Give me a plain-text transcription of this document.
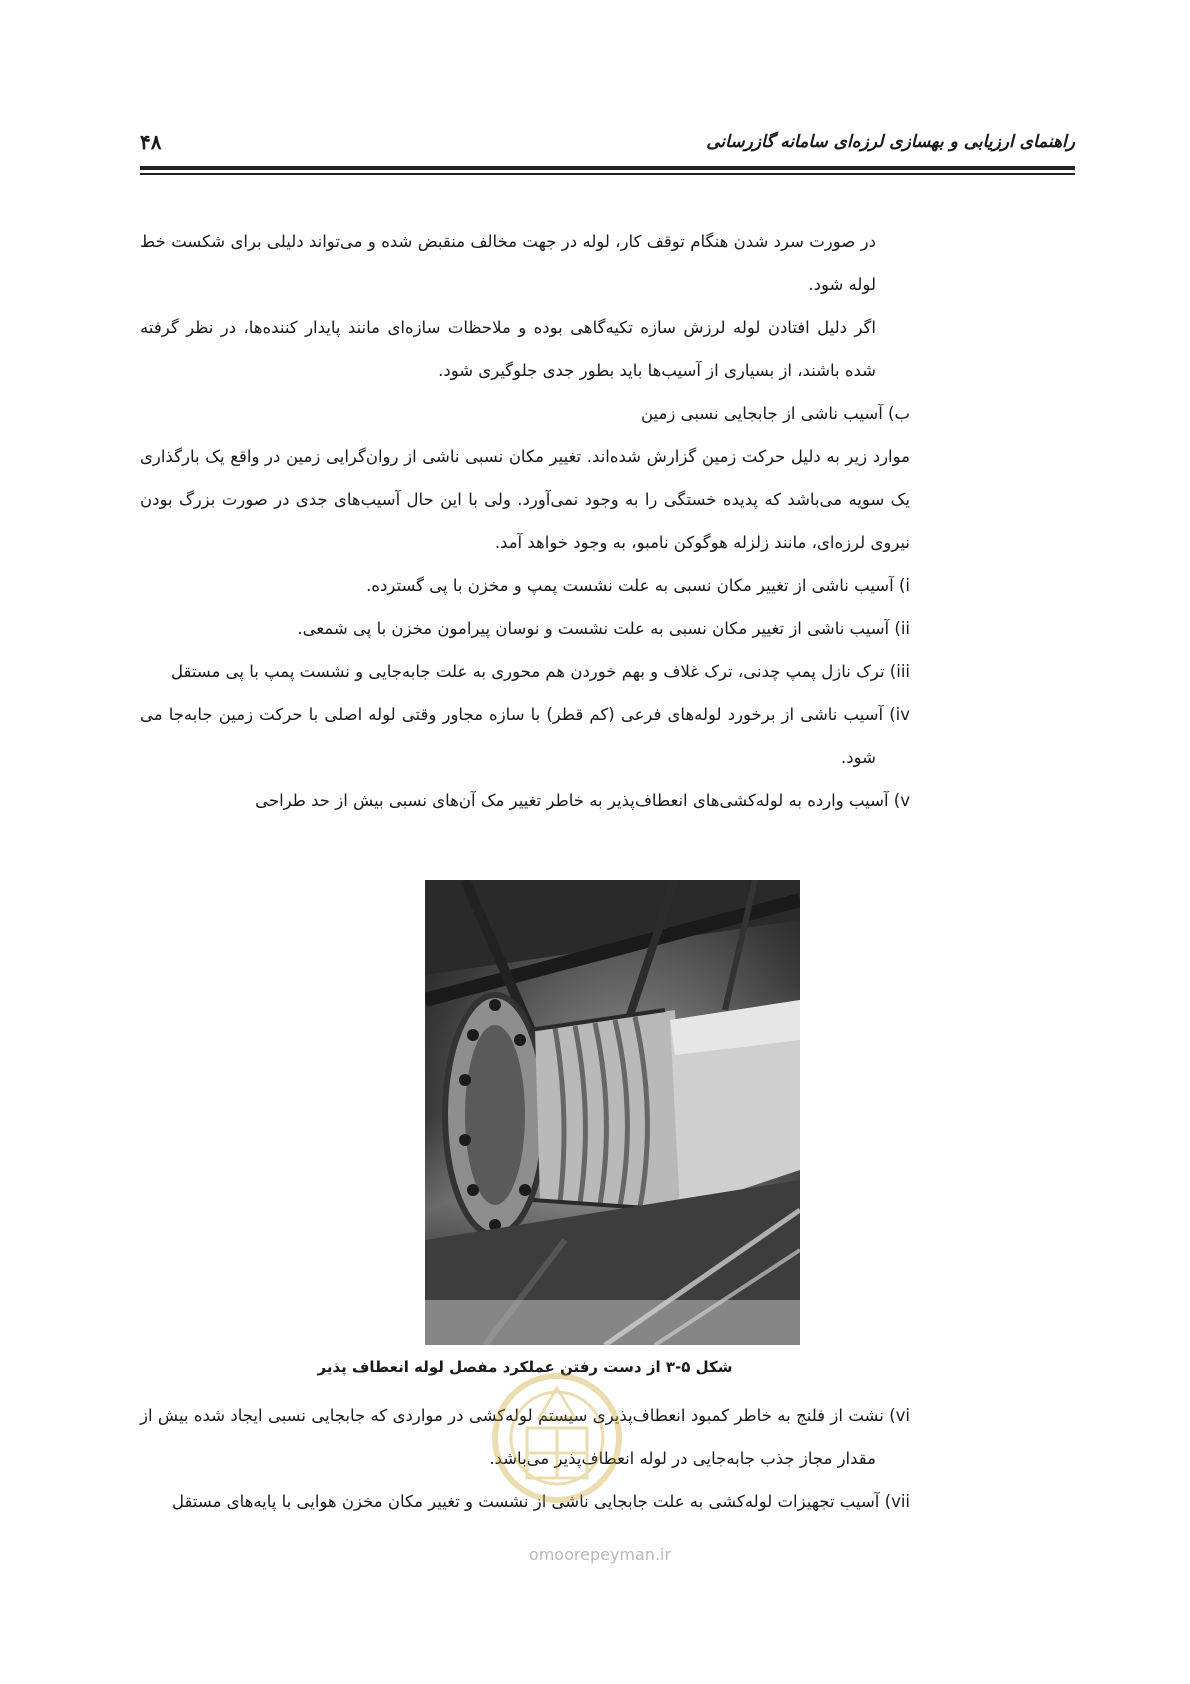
۴۸	راهنمای ارزیابی و بهسازی لرزه‌ای سامانه گازرسانی

در صورت سرد شدن هنگام توقف کار، لوله در جهت مخالف منقبض شده و می‌تواند دلیلی برای شکست خط لوله شود.

اگر دلیل افتادن لوله لرزش سازه تکیه‌گاهی بوده و ملاحظات سازه‌ای مانند پایدار کننده‌ها، در نظر گرفته شده باشند، از بسیاری از آسیب‌ها باید بطور جدی جلوگیری شود.

ب) آسیب ناشی از جابجایی نسبی زمین

موارد زیر به دلیل حرکت زمین گزارش شده‌اند. تغییر مکان نسبی ناشی از روان‌گرایی زمین در واقع یک بارگذاری یک سویه می‌باشد که پدیده خستگی را به وجود نمی‌آورد. ولی با این حال آسیب‌های جدی در صورت بزرگ بودن نیروی لرزه‌ای، مانند زلزله هوگوکن نامبو، به وجود خواهد آمد.

i) آسیب ناشی از تغییر مکان نسبی به علت نشست پمپ و مخزن با پی گسترده.

ii) آسیب ناشی از تغییر مکان نسبی به علت نشست و نوسان پیرامون مخزن با پی شمعی.

iii) ترک نازل پمپ چدنی، ترک غلاف و بهم خوردن هم محوری به علت جابه‌جایی و نشست پمپ با پی مستقل

iv) آسیب ناشی از برخورد لوله‌های فرعی (کم قطر) با سازه مجاور وقتی لوله اصلی با حرکت زمین جابه‌جا می شود.

v) آسیب وارده به لوله‌کشی‌های انعطاف‌پذیر به خاطر تغییر مک آن‌های نسبی بیش از حد طراحی

شکل ۵-۳ از دست رفتن عملکرد مفصل لوله انعطاف پذیر

vi) نشت از فلنج به خاطر کمبود انعطاف‌پذیری سیستم لوله‌کشی در مواردی که جابجایی نسبی ایجاد شده بیش از مقدار مجاز جذب جابه‌جایی در لوله انعطاف‌پذیر می‌باشد.

vii) آسیب تجهیزات لوله‌کشی به علت جابجایی ناشی از نشست و تغییر مکان مخزن هوایی با پایه‌های مستقل

omoorepeyman.ir
